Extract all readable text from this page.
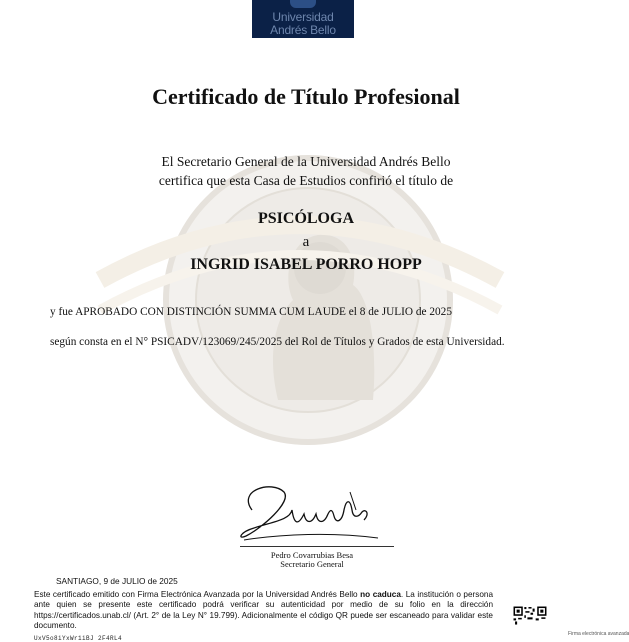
Universidad
Andrés Bello
Certificado de Título Profesional
El Secretario General de la Universidad Andrés Bello
certifica que esta Casa de Estudios confirió el título de
PSICÓLOGA
a
INGRID ISABEL PORRO HOPP
y fue APROBADO CON DISTINCIÓN SUMMA CUM LAUDE el 8 de JULIO de 2025
según consta en el N° PSICADV/123069/245/2025 del Rol de Títulos y Grados de esta Universidad.
Pedro Covarrubias Besa
Secretario General
SANTIAGO, 9 de JULIO de 2025
Este certificado emitido con Firma Electrónica Avanzada por la Universidad Andrés Bello no caduca. La institución o persona ante quien se presente este certificado podrá verificar su autenticidad por medio de su folio en la dirección https://certificados.unab.cl/ (Art. 2° de la Ley N° 19.799). Adicionalmente el código QR puede ser escaneado para validar este documento.
UxV5o8iYxWr1iBJ 2F4RL4
Firma electrónica avanzada
